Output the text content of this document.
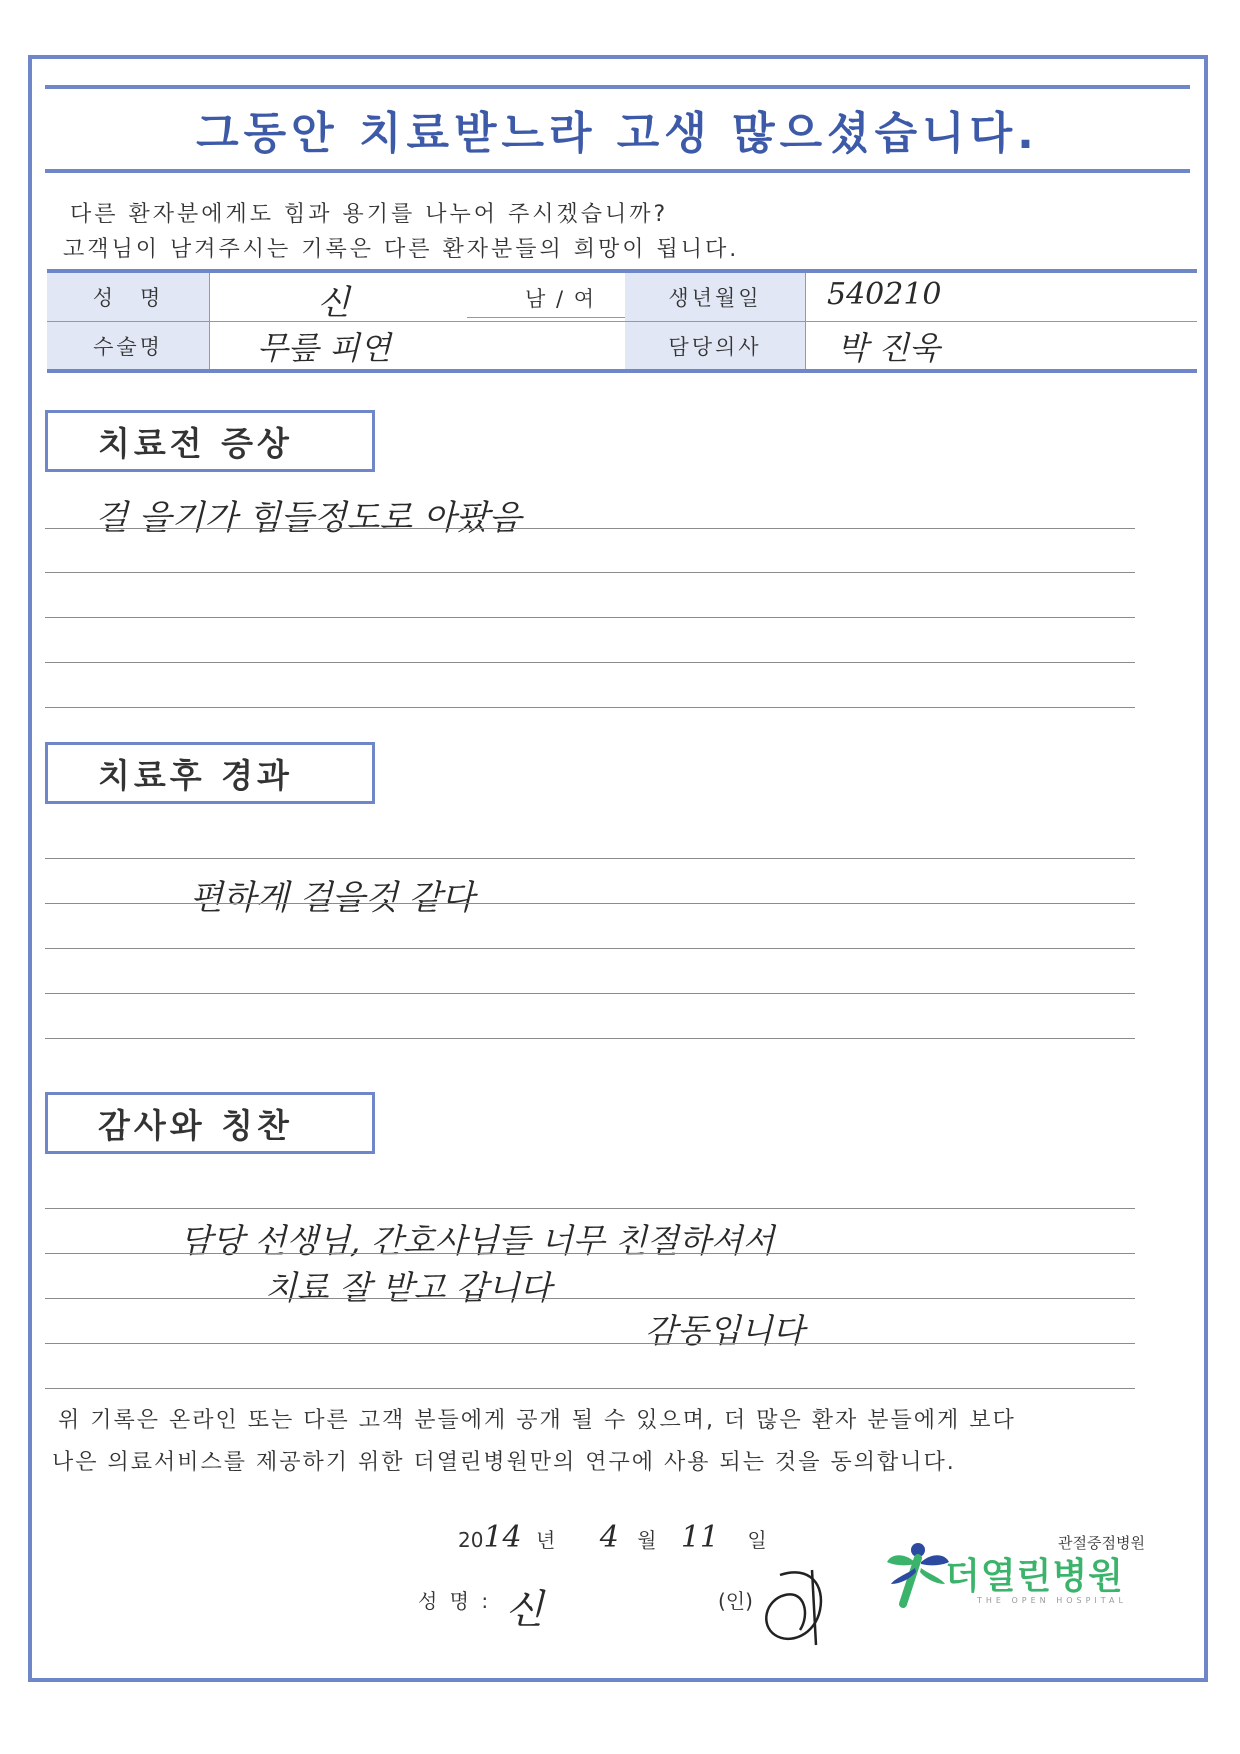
그동안 치료받느라 고생 많으셨습니다.
다른 환자분에게도 힘과 용기를 나누어 주시겠습니까?
고객님이 남겨주시는 기록은 다른 환자분들의 희망이 됩니다.
성　명	신	남 / 여	생년월일	540210
수술명	무릎 피연	담당의사	박 진욱
치료전 증상
걸 을기가 힘들정도로 아팠음
치료후 경과
편하게 걸을것 같다
감사와 칭찬
담당 선생님, 간호사님들 너무 친절하셔서
치료 잘 받고 갑니다
감동입니다
위 기록은 온라인 또는 다른 고객 분들에게 공개 될 수 있으며, 더 많은 환자 분들에게 보다
나은 의료서비스를 제공하기 위한 더열린병원만의 연구에 사용 되는 것을 동의합니다.
2014 년 4 월 11 일
성 명 : 신	(인)
관절중점병원
더열린병원
THE OPEN HOSPITAL
